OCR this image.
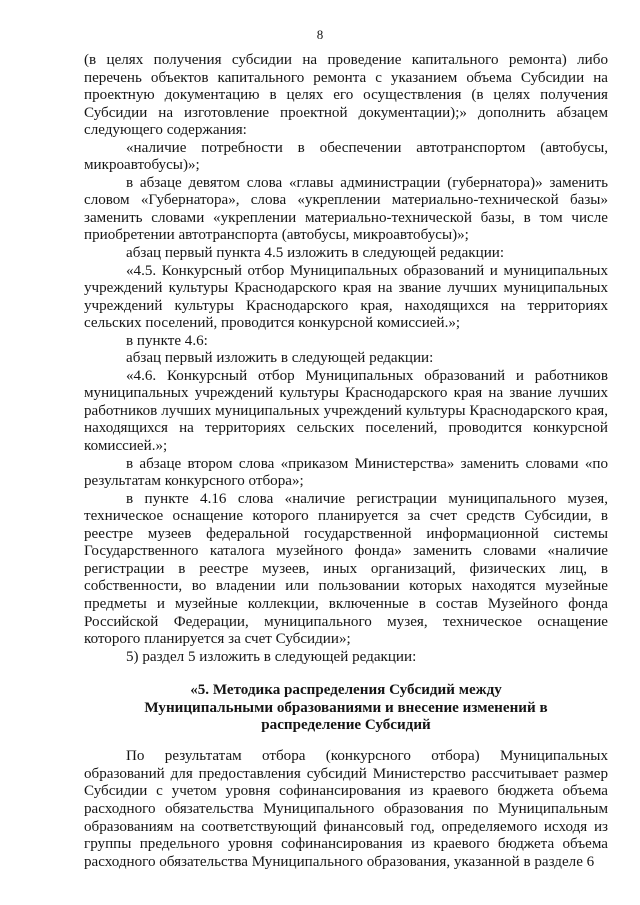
8

(в целях получения субсидии на проведение капитального ремонта) либо перечень объектов капитального ремонта с указанием объема Субсидии на проектную документацию в целях его осуществления (в целях получения Субсидии на изготовление проектной документации);» дополнить абзацем следующего содержания:

«наличие потребности в обеспечении автотранспортом (автобусы, микроавтобусы)»;

в абзаце девятом слова «главы администрации (губернатора)» заменить словом «Губернатора», слова «укреплении материально-технической базы» заменить словами «укреплении материально-технической базы, в том числе приобретении автотранспорта (автобусы, микроавтобусы)»;

абзац первый пункта 4.5 изложить в следующей редакции:

«4.5. Конкурсный отбор Муниципальных образований и муниципальных учреждений культуры Краснодарского края на звание лучших муниципальных учреждений культуры Краснодарского края, находящихся на территориях сельских поселений, проводится конкурсной комиссией.»;

в пункте 4.6:

абзац первый изложить в следующей редакции:

«4.6. Конкурсный отбор Муниципальных образований и работников муниципальных учреждений культуры Краснодарского края на звание лучших работников лучших муниципальных учреждений культуры Краснодарского края, находящихся на территориях сельских поселений, проводится конкурсной комиссией.»;

в абзаце втором слова «приказом Министерства» заменить словами «по результатам конкурсного отбора»;

в пункте 4.16 слова «наличие регистрации муниципального музея, техническое оснащение которого планируется за счет средств Субсидии, в реестре музеев федеральной государственной информационной системы Государственного каталога музейного фонда» заменить словами «наличие регистрации в реестре музеев, иных организаций, физических лиц, в собственности, во владении или пользовании которых находятся музейные предметы и музейные коллекции, включенные в состав Музейного фонда Российской Федерации, муниципального музея, техническое оснащение которого планируется за счет Субсидии»;

5) раздел 5 изложить в следующей редакции:

«5. Методика распределения Субсидий между Муниципальными образованиями и внесение изменений в распределение Субсидий

По результатам отбора (конкурсного отбора) Муниципальных образований для предоставления субсидий Министерство рассчитывает размер Субсидии с учетом уровня софинансирования из краевого бюджета объема расходного обязательства Муниципального образования по Муниципальным образованиям на соответствующий финансовый год, определяемого исходя из группы предельного уровня софинансирования из краевого бюджета объема расходного обязательства Муниципального образования, указанной в разделе 6
